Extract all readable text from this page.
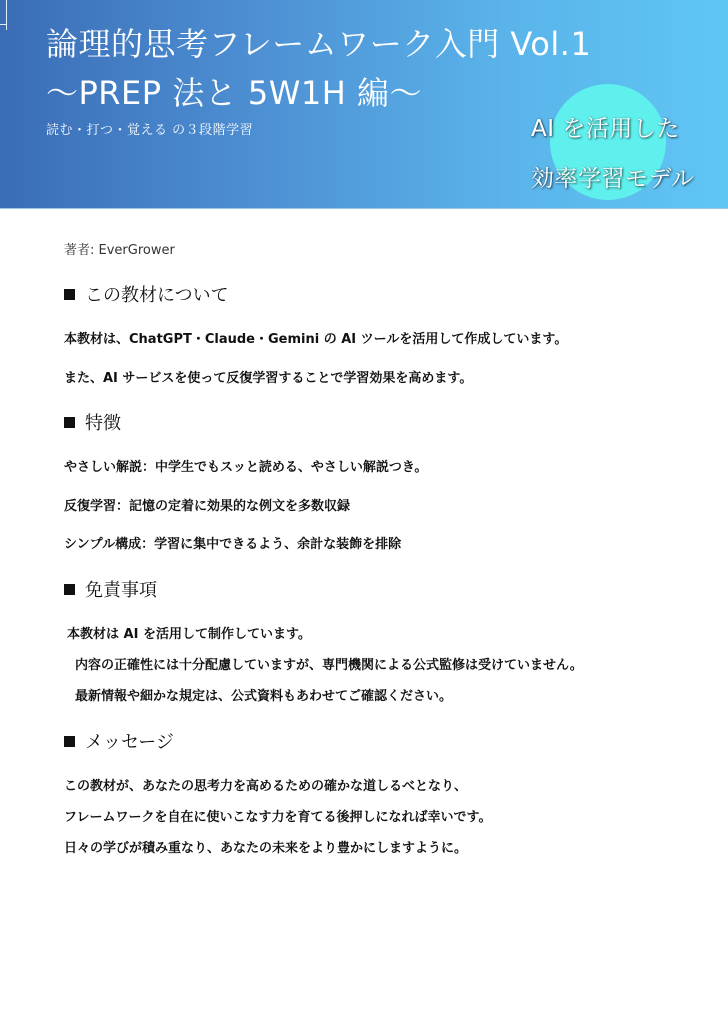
論理的思考フレームワーク入門 Vol.1
～PREP 法と 5W1H 編～
読む・打つ・覚える の３段階学習	AI を活用した
効率学習モデル
著者: EverGrower
この教材について
本教材は、ChatGPT・Claude・Gemini の AI ツールを活用して作成しています。
また、AI サービスを使って反復学習することで学習効果を高めます。
特徴
やさしい解説：中学生でもスッと読める、やさしい解説つき。
反復学習：記憶の定着に効果的な例文を多数収録
シンプル構成：学習に集中できるよう、余計な装飾を排除
免責事項
本教材は AI を活用して制作しています。
内容の正確性には十分配慮していますが、専門機関による公式監修は受けていません。
最新情報や細かな規定は、公式資料もあわせてご確認ください。
メッセージ
この教材が、あなたの思考力を高めるための確かな道しるべとなり、
フレームワークを自在に使いこなす力を育てる後押しになれば幸いです。
日々の学びが積み重なり、あなたの未来をより豊かにしますように。
